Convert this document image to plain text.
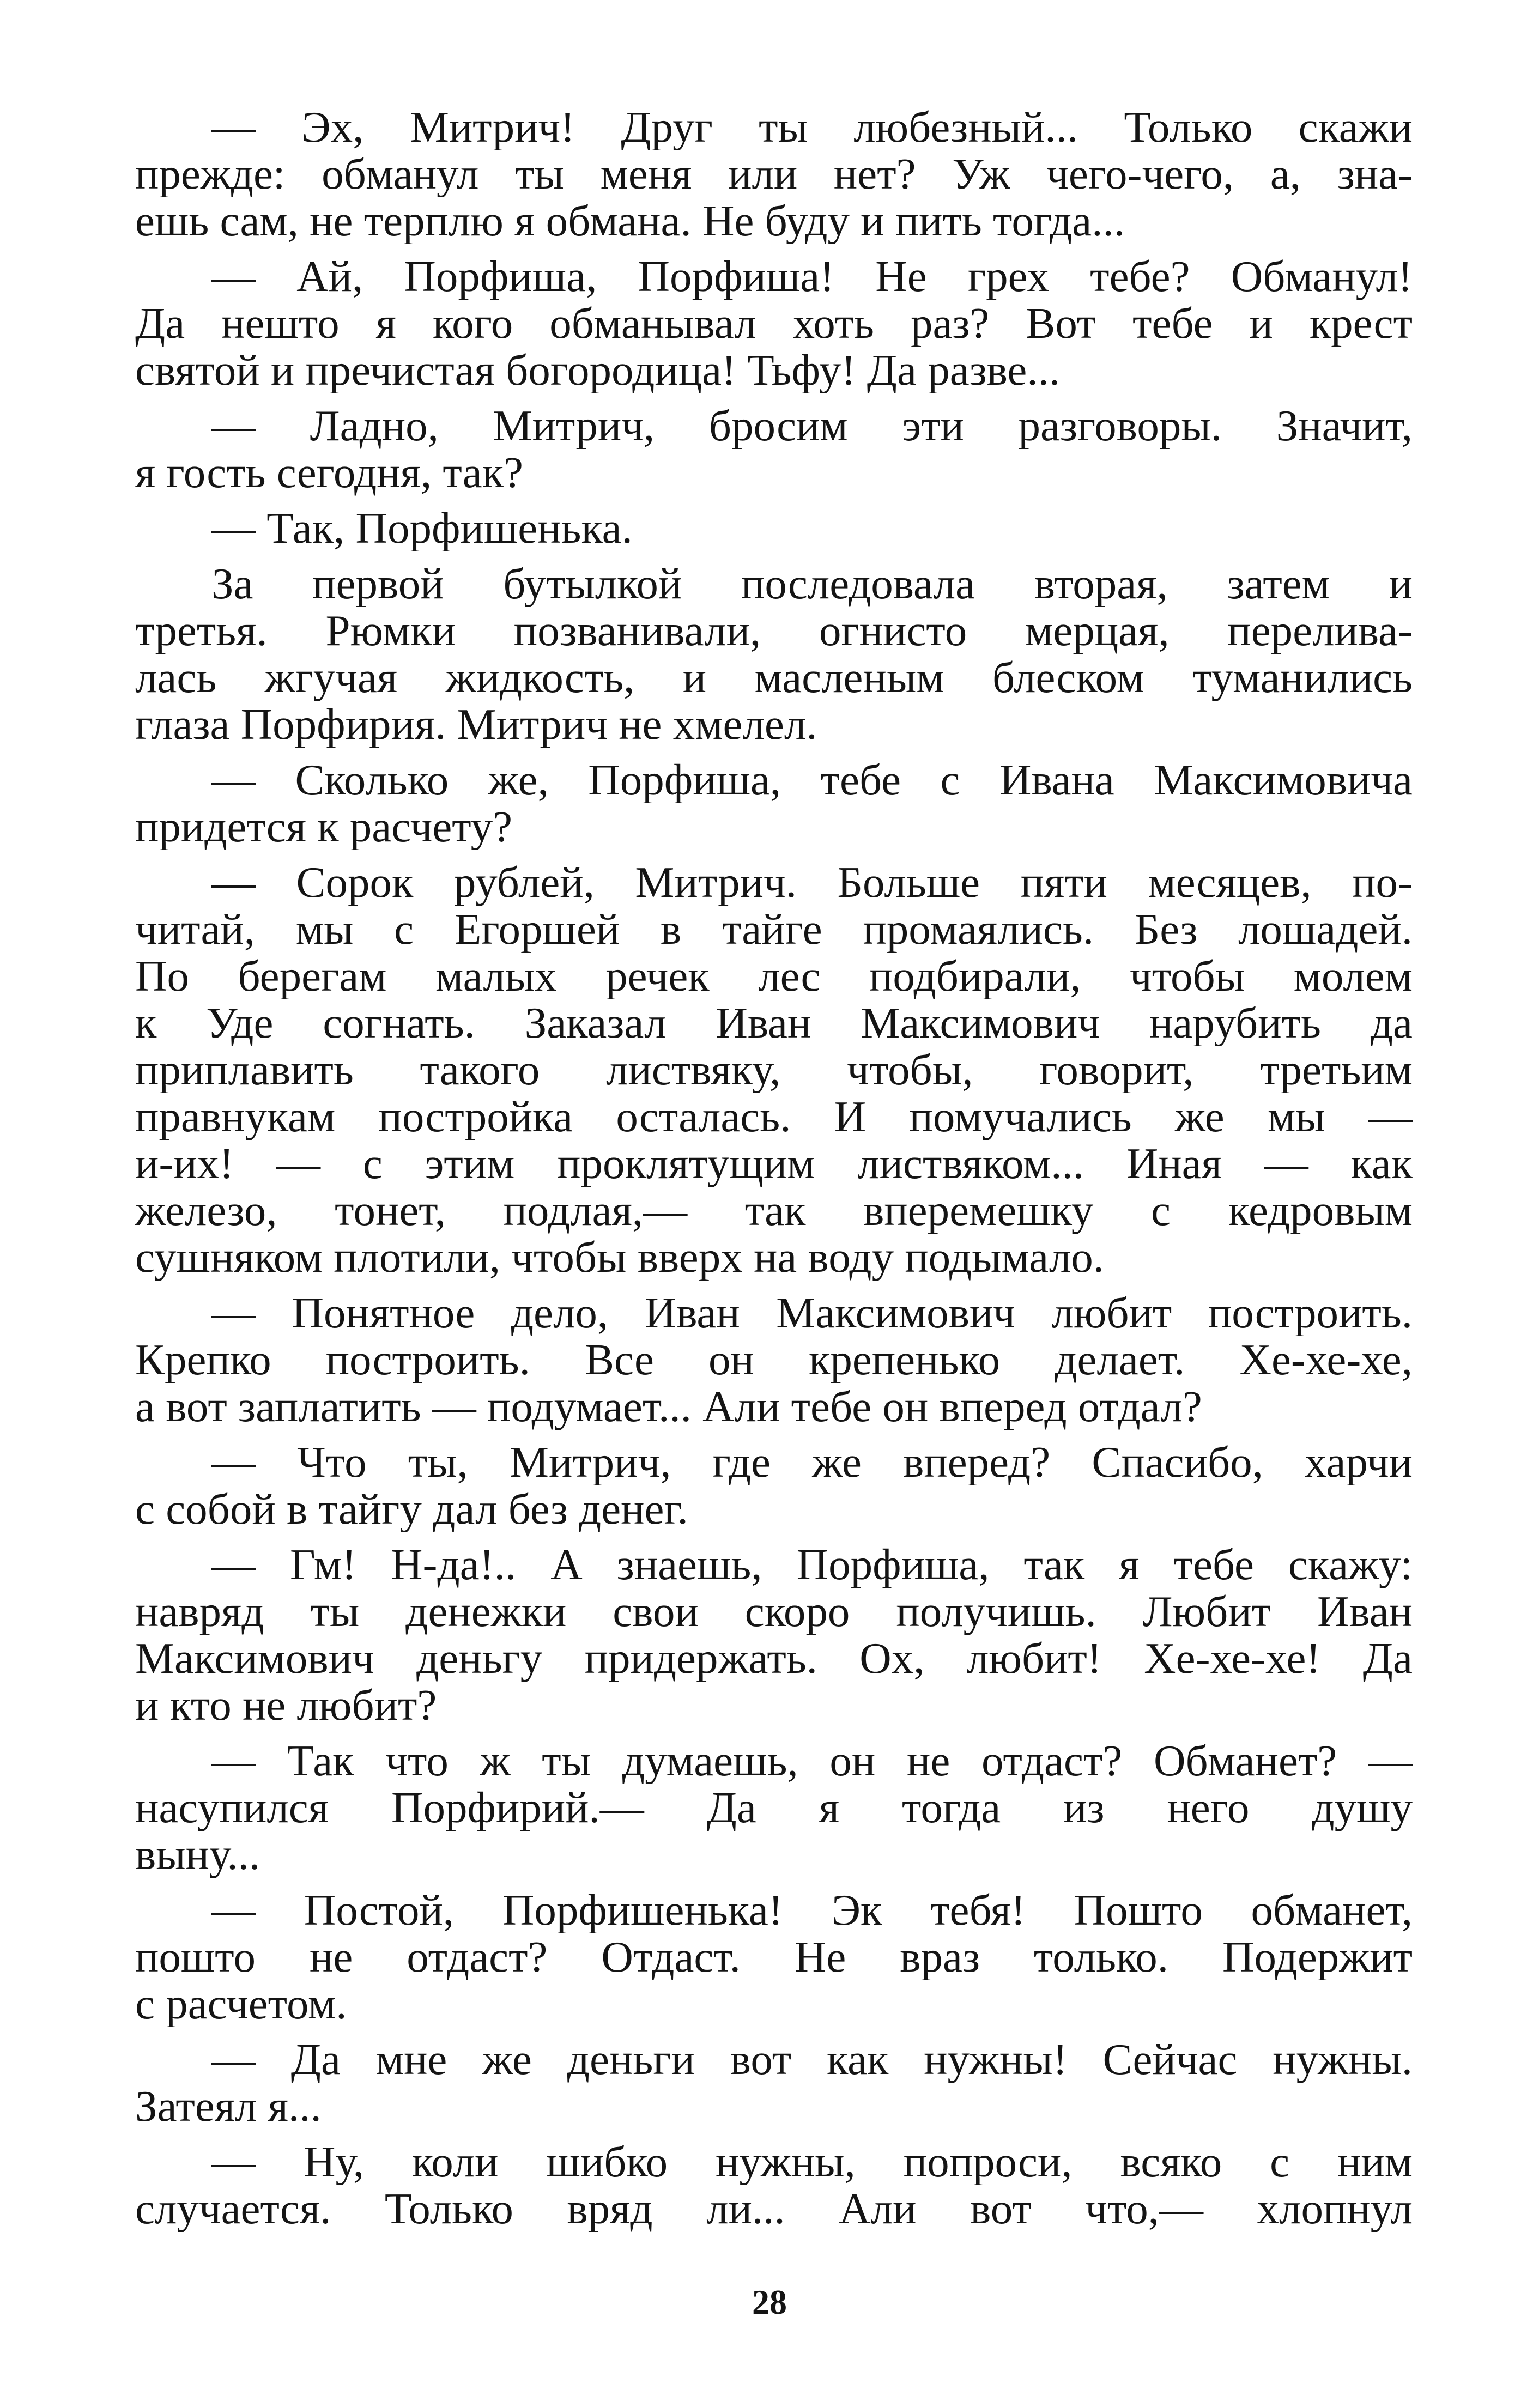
— Эх, Митрич! Друг ты любезный... Только скажи
прежде: обманул ты меня или нет? Уж чего-чего, а, зна-
ешь сам, не терплю я обмана. Не буду и пить тогда...
— Ай, Порфиша, Порфиша! Не грех тебе? Обманул!
Да нешто я кого обманывал хоть раз? Вот тебе и крест
святой и пречистая богородица! Тьфу! Да разве...
— Ладно, Митрич, бросим эти разговоры. Значит,
я гость сегодня, так?
— Так, Порфишенька.
За первой бутылкой последовала вторая, затем и
третья. Рюмки позванивали, огнисто мерцая, перелива-
лась жгучая жидкость, и масленым блеском туманились
глаза Порфирия. Митрич не хмелел.
— Сколько же, Порфиша, тебе с Ивана Максимовича
придется к расчету?
— Сорок рублей, Митрич. Больше пяти месяцев, по-
читай, мы с Егоршей в тайге промаялись. Без лошадей.
По берегам малых речек лес подбирали, чтобы молем
к Уде согнать. Заказал Иван Максимович нарубить да
приплавить такого листвяку, чтобы, говорит, третьим
правнукам постройка осталась. И помучались же мы —
и-их! — с этим проклятущим листвяком... Иная — как
железо, тонет, подлая,— так вперемешку с кедровым
сушняком плотили, чтобы вверх на воду подымало.
— Понятное дело, Иван Максимович любит построить.
Крепко построить. Все он крепенько делает. Хе-хе-хе,
а вот заплатить — подумает... Али тебе он вперед отдал?
— Что ты, Митрич, где же вперед? Спасибо, харчи
с собой в тайгу дал без денег.
— Гм! Н-да!.. А знаешь, Порфиша, так я тебе скажу:
навряд ты денежки свои скоро получишь. Любит Иван
Максимович деньгу придержать. Ох, любит! Хе-хе-хе! Да
и кто не любит?
— Так что ж ты думаешь, он не отдаст? Обманет? —
насупился Порфирий.— Да я тогда из него душу
выну...
— Постой, Порфишенька! Эк тебя! Пошто обманет,
пошто не отдаст? Отдаст. Не враз только. Подержит
с расчетом.
— Да мне же деньги вот как нужны! Сейчас нужны.
Затеял я...
— Ну, коли шибко нужны, попроси, всяко с ним
случается. Только вряд ли... Али вот что,— хлопнул
28
